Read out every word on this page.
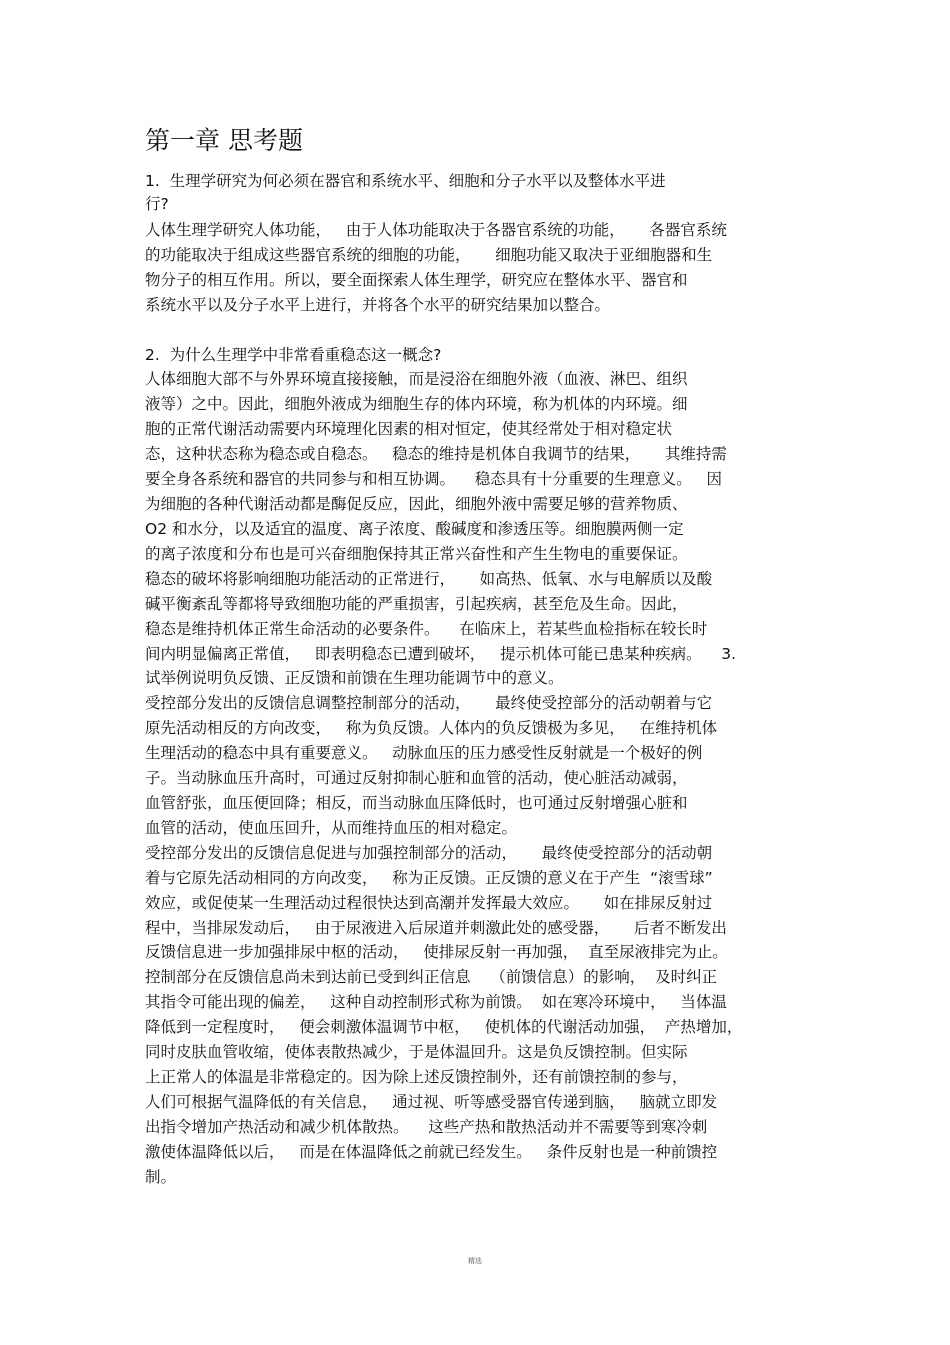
第一章 思考题
1.  生理学研究为何必须在器官和系统水平、细胞和分子水平以及整体水平进
行?
人体生理学研究人体功能，   由于人体功能取决于各器官系统的功能，     各器官系统
的功能取决于组成这些器官系统的细胞的功能，     细胞功能又取决于亚细胞器和生
物分子的相互作用。所以，要全面探索人体生理学，研究应在整体水平、器官和
系统水平以及分子水平上进行，并将各个水平的研究结果加以整合。
2.  为什么生理学中非常看重稳态这一概念?
人体细胞大部不与外界环境直接接触，而是浸浴在细胞外液（血液、淋巴、组织
液等）之中。因此，细胞外液成为细胞生存的体内环境，称为机体的内环境。细
胞的正常代谢活动需要内环境理化因素的相对恒定，使其经常处于相对稳定状
态，这种状态称为稳态或自稳态。   稳态的维持是机体自我调节的结果，     其维持需
要全身各系统和器官的共同参与和相互协调。    稳态具有十分重要的生理意义。   因
为细胞的各种代谢活动都是酶促反应，因此，细胞外液中需要足够的营养物质、
O2 和水分，以及适宜的温度、离子浓度、酸碱度和渗透压等。细胞膜两侧一定
的离子浓度和分布也是可兴奋细胞保持其正常兴奋性和产生生物电的重要保证。
稳态的破坏将影响细胞功能活动的正常进行，     如高热、低氧、水与电解质以及酸
碱平衡紊乱等都将导致细胞功能的严重损害，引起疾病，甚至危及生命。因此，
稳态是维持机体正常生命活动的必要条件。    在临床上，若某些血检指标在较长时
间内明显偏离正常值，   即表明稳态已遭到破坏，   提示机体可能已患某种疾病。    3.
试举例说明负反馈、正反馈和前馈在生理功能调节中的意义。
受控部分发出的反馈信息调整控制部分的活动，     最终使受控部分的活动朝着与它
原先活动相反的方向改变，   称为负反馈。人体内的负反馈极为多见，   在维持机体
生理活动的稳态中具有重要意义。   动脉血压的压力感受性反射就是一个极好的例
子。当动脉血压升高时，可通过反射抑制心脏和血管的活动，使心脏活动减弱，
血管舒张，血压便回降；相反，而当动脉血压降低时，也可通过反射增强心脏和
血管的活动，使血压回升，从而维持血压的相对稳定。
受控部分发出的反馈信息促进与加强控制部分的活动，     最终使受控部分的活动朝
着与它原先活动相同的方向改变，   称为正反馈。正反馈的意义在于产生  “滚雪球”
效应，或促使某一生理活动过程很快达到高潮并发挥最大效应。     如在排尿反射过
程中，当排尿发动后，   由于尿液进入后尿道并刺激此处的感受器，     后者不断发出
反馈信息进一步加强排尿中枢的活动，   使排尿反射一再加强，  直至尿液排完为止。
控制部分在反馈信息尚未到达前已受到纠正信息    （前馈信息）的影响，  及时纠正
其指令可能出现的偏差，   这种自动控制形式称为前馈。  如在寒冷环境中，   当体温
降低到一定程度时，   便会刺激体温调节中枢，   使机体的代谢活动加强，  产热增加，
同时皮肤血管收缩，使体表散热减少，于是体温回升。这是负反馈控制。但实际
上正常人的体温是非常稳定的。因为除上述反馈控制外，还有前馈控制的参与，
人们可根据气温降低的有关信息，   通过视、听等感受器官传递到脑，   脑就立即发
出指令增加产热活动和减少机体散热。    这些产热和散热活动并不需要等到寒冷刺
激使体温降低以后，   而是在体温降低之前就已经发生。   条件反射也是一种前馈控
制。
精选
